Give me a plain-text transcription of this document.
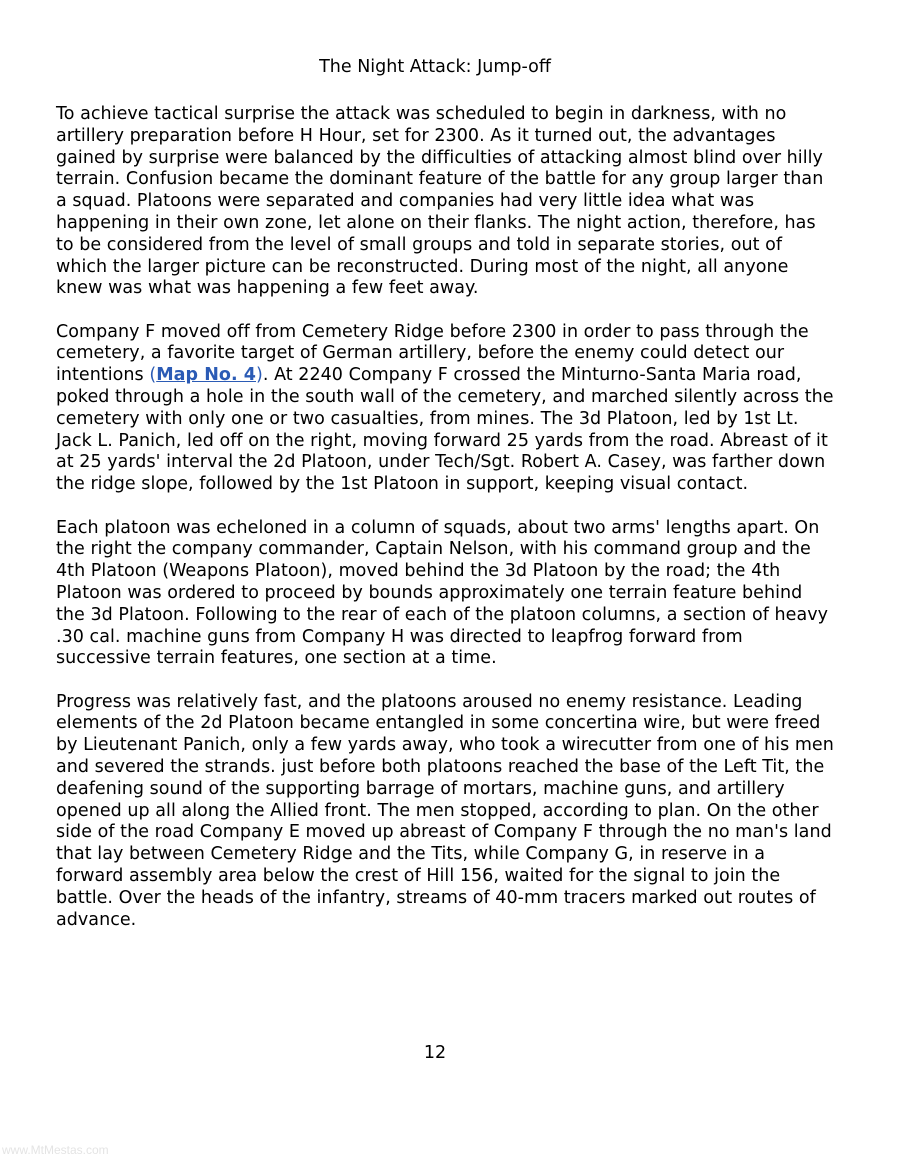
The Night Attack: Jump-off

To achieve tactical surprise the attack was scheduled to begin in darkness, with no artillery preparation before H Hour, set for 2300. As it turned out, the advantages gained by surprise were balanced by the difficulties of attacking almost blind over hilly terrain. Confusion became the dominant feature of the battle for any group larger than a squad. Platoons were separated and companies had very little idea what was happening in their own zone, let alone on their flanks. The night action, therefore, has to be considered from the level of small groups and told in separate stories, out of which the larger picture can be reconstructed. During most of the night, all anyone knew was what was happening a few feet away.

Company F moved off from Cemetery Ridge before 2300 in order to pass through the cemetery, a favorite target of German artillery, before the enemy could detect our intentions (Map No. 4). At 2240 Company F crossed the Minturno-Santa Maria road, poked through a hole in the south wall of the cemetery, and marched silently across the cemetery with only one or two casualties, from mines. The 3d Platoon, led by 1st Lt. Jack L. Panich, led off on the right, moving forward 25 yards from the road. Abreast of it at 25 yards' interval the 2d Platoon, under Tech/Sgt. Robert A. Casey, was farther down the ridge slope, followed by the 1st Platoon in support, keeping visual contact.

Each platoon was echeloned in a column of squads, about two arms' lengths apart. On the right the company commander, Captain Nelson, with his command group and the 4th Platoon (Weapons Platoon), moved behind the 3d Platoon by the road; the 4th Platoon was ordered to proceed by bounds approximately one terrain feature behind the 3d Platoon. Following to the rear of each of the platoon columns, a section of heavy .30 cal. machine guns from Company H was directed to leapfrog forward from successive terrain features, one section at a time.

Progress was relatively fast, and the platoons aroused no enemy resistance. Leading elements of the 2d Platoon became entangled in some concertina wire, but were freed by Lieutenant Panich, only a few yards away, who took a wirecutter from one of his men and severed the strands. just before both platoons reached the base of the Left Tit, the deafening sound of the supporting barrage of mortars, machine guns, and artillery opened up all along the Allied front. The men stopped, according to plan. On the other side of the road Company E moved up abreast of Company F through the no man's land that lay between Cemetery Ridge and the Tits, while Company G, in reserve in a forward assembly area below the crest of Hill 156, waited for the signal to join the battle. Over the heads of the infantry, streams of 40-mm tracers marked out routes of advance.

12
www.MtMestas.com
